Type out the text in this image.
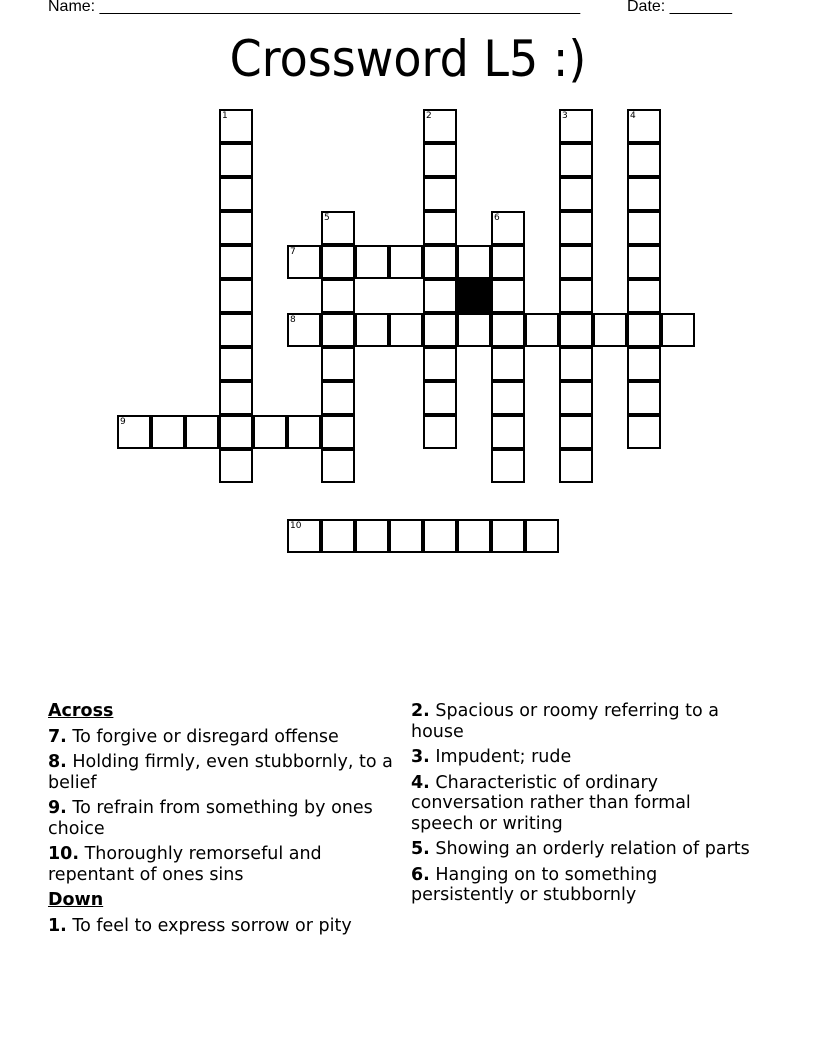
Name: ______________________________________________________	Date: _______
Crossword L5 :)
1	2	3	4
5	6
7
8
9
10
Across
7. To forgive or disregard offense
8. Holding firmly, even stubbornly, to a belief
9. To refrain from something by ones choice
10. Thoroughly remorseful and repentant of ones sins
Down
1. To feel to express sorrow or pity
2. Spacious or roomy referring to a house
3. Impudent; rude
4. Characteristic of ordinary conversation rather than formal speech or writing
5. Showing an orderly relation of parts
6. Hanging on to something persistently or stubbornly
